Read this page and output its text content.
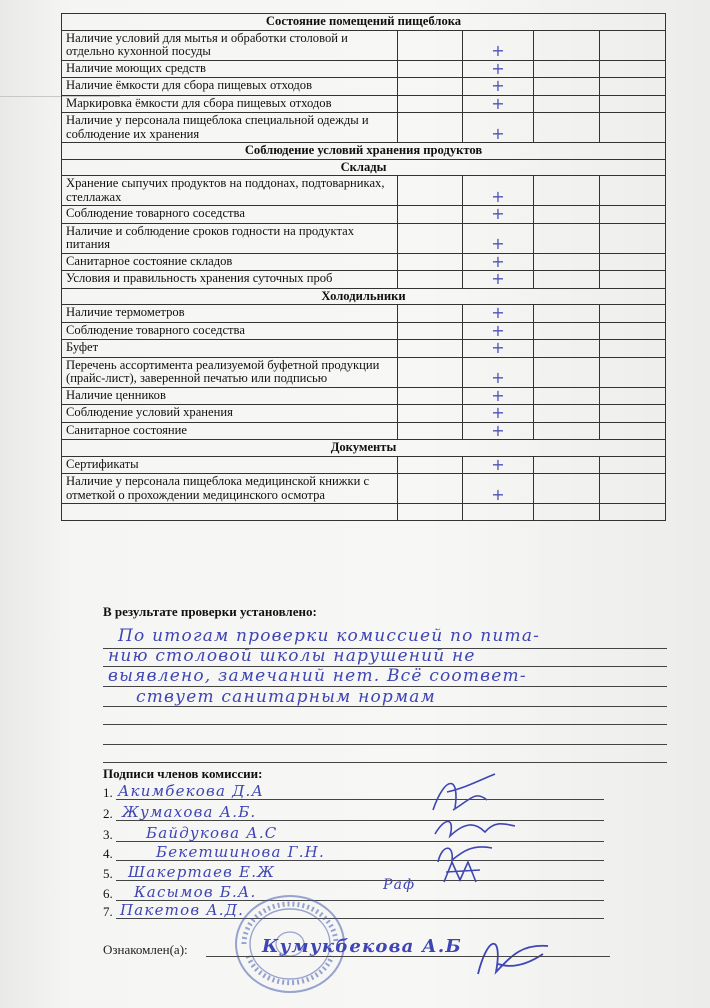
Состояние помещений пищеблока				
Наличие условий для мытья и обработки столовой и отдельно кухонной посуды		+		
Наличие моющих средств		+		
Наличие ёмкости для сбора пищевых отходов		+		
Маркировка ёмкости для сбора пищевых отходов		+		
Наличие у персонала пищеблока специальной одежды и соблюдение их хранения		+		
Соблюдение условий хранения продуктов				
Склады				
Хранение сыпучих продуктов на поддонах, подтоварниках, стеллажах		+		
Соблюдение товарного соседства		+		
Наличие и соблюдение сроков годности на продуктах питания		+		
Санитарное состояние складов		+		
Условия и правильность хранения суточных проб		+		
Холодильники				
Наличие термометров		+		
Соблюдение товарного соседства		+		
Буфет		+		
Перечень ассортимента реализуемой буфетной продукции (прайс-лист), заверенной печатью или подписью		+		
Наличие ценников		+		
Соблюдение условий хранения		+		
Санитарное состояние		+		
Документы				
Сертификаты		+		
Наличие у персонала пищеблока медицинской книжки с отметкой о прохождении медицинского осмотра		+		

В результате проверки установлено:
По итогам проверки комиссией по пита-
нию столовой школы нарушений не
выявлено, замечаний нет. Всё соответ-
ствует санитарным нормам
Подписи членов комиссии:
1. Акимбекова Д.А
2. Жумахова А.Б.
3. Байдукова А.С
4.	Бекетшинова Г.Н.
5. Шакертаев Е.Ж
6. Касымов Б.А.
7. Пакетов А.Д.
Раф
Ознакомлен(а):	Кумукбекова А.Б
